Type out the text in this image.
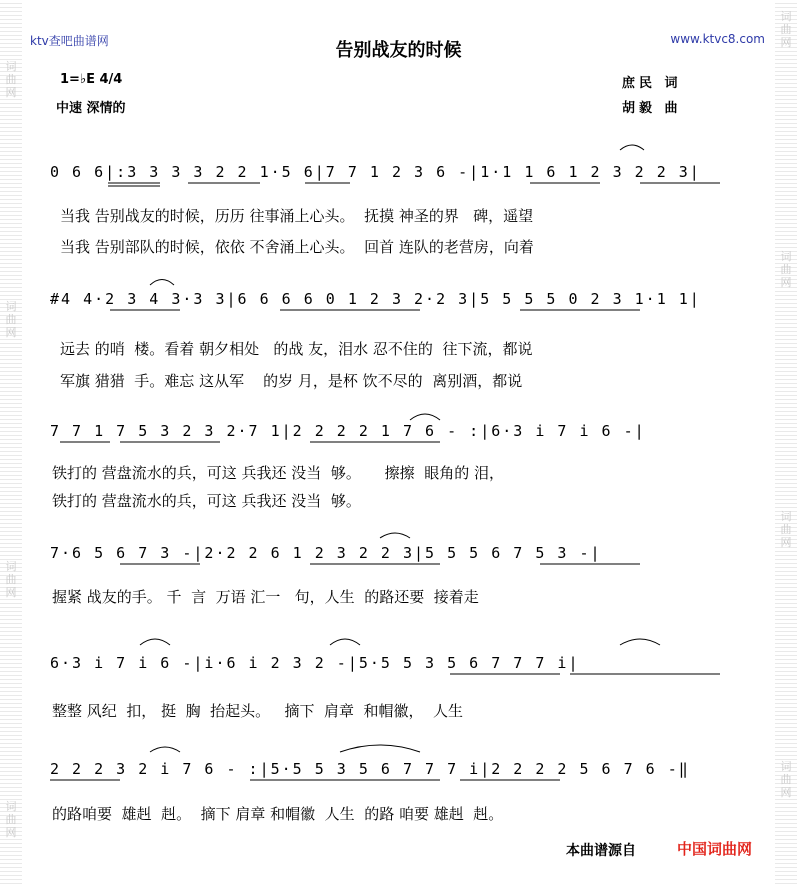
词曲网
词曲网
词曲网
词曲网
词曲网
词曲网
词曲网
词曲网
ktv查吧曲谱网	www.ktvc8.com
告别战友的时候
1=♭E 4/4
中速 深情的
庶民 词
胡毅 曲
0 6 6|:3 3 3 3 2 2 1·5 6|7 7 1 2 3 6 -|1·1 1 6 1 2 3 2 2 3|
当我 告别战友的时候，历历 往事涌上心头。  抚摸 神圣的界   碑，遥望
当我 告别部队的时候，依依 不舍涌上心头。  回首 连队的老营房，向着
#4 4·2 3 4 3·3 3|6 6 6 6 0 1 2 3 2·2 3|5 5 5 5 0 2 3 1·1 1|
远去 的哨  楼。看着 朝夕相处   的战 友，泪水 忍不住的  往下流，都说
军旗 猎猎  手。难忘 这从军    的岁 月，是杯 饮不尽的  离别酒，都说
7 7 1 7 5 3 2 3 2·7 1|2 2 2 2 1 7 6 - :|6·3 i 7 i 6 -|
铁打的 营盘流水的兵，可这 兵我还 没当  够。     擦擦  眼角的 泪，
铁打的 营盘流水的兵，可这 兵我还 没当  够。
7·6 5 6 7 3 -|2·2 2 6 1 2 3 2 2 3|5 5 5 6 7 5 3 -|
握紧 战友的手。 千  言  万语 汇一   句，人生  的路还要  接着走
6·3 i 7 i 6 -|i·6 i 2 3 2 -|5·5 5 3 5 6 7 7 7 i|
整整 风纪  扣， 挺  胸  抬起头。   摘下  肩章  和帽徽，  人生
2 2 2 3 2 i 7 6 - :|5·5 5 3 5 6 7 7 7 i|2 2 2 2 5 6 7 6 -‖
的路咱要  雄赳  赳。  摘下 肩章 和帽徽  人生  的路 咱要 雄赳  赳。
本曲谱源自	中国词曲网
